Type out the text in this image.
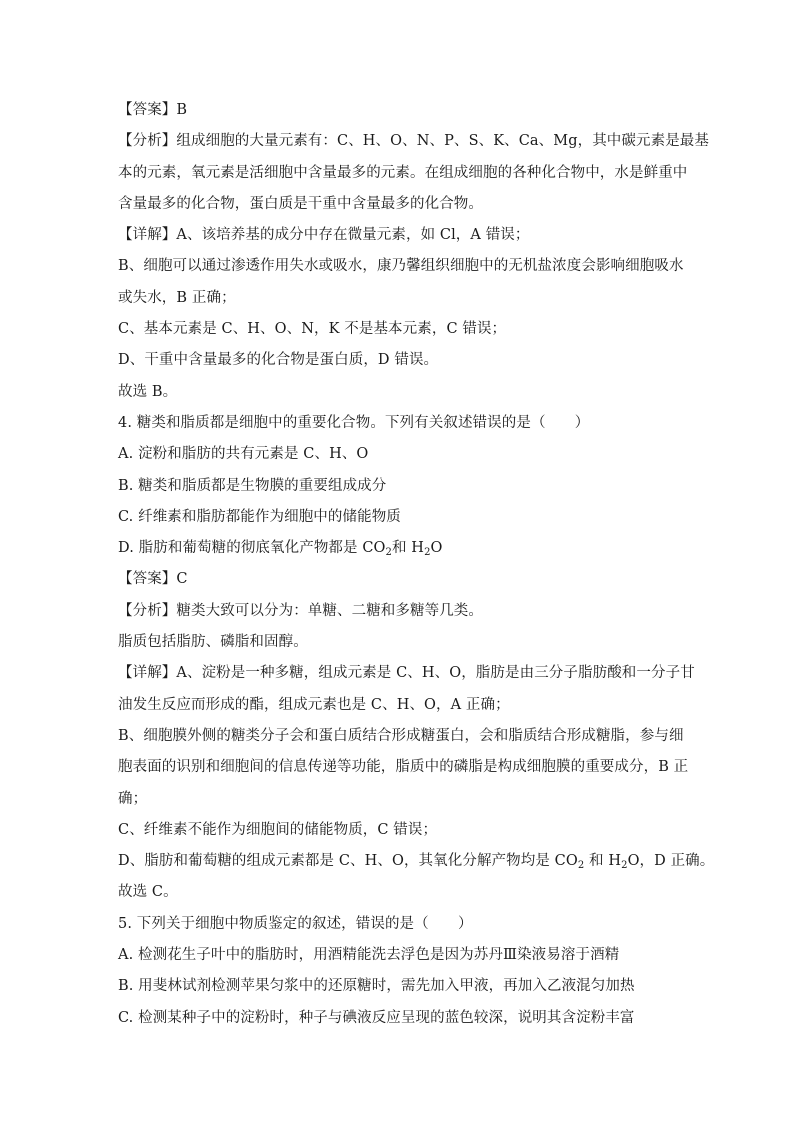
【答案】B
【分析】组成细胞的大量元素有：C、H、O、N、P、S、K、Ca、Mg，其中碳元素是最基
本的元素，氧元素是活细胞中含量最多的元素。在组成细胞的各种化合物中，水是鲜重中
含量最多的化合物，蛋白质是干重中含量最多的化合物。
【详解】A、该培养基的成分中存在微量元素，如 Cl，A 错误；
B、细胞可以通过渗透作用失水或吸水，康乃馨组织细胞中的无机盐浓度会影响细胞吸水
或失水，B 正确；
C、基本元素是 C、H、O、N，K 不是基本元素，C 错误；
D、干重中含量最多的化合物是蛋白质，D 错误。
故选 B。
4. 糖类和脂质都是细胞中的重要化合物。下列有关叙述错误的是（　　）
A. 淀粉和脂肪的共有元素是 C、H、O
B. 糖类和脂质都是生物膜的重要组成成分
C. 纤维素和脂肪都能作为细胞中的储能物质
D. 脂肪和葡萄糖的彻底氧化产物都是 $CO_2$和 $H_2O$
【答案】C
【分析】糖类大致可以分为：单糖、二糖和多糖等几类。
脂质包括脂肪、磷脂和固醇。
【详解】A、淀粉是一种多糖，组成元素是 C、H、O，脂肪是由三分子脂肪酸和一分子甘
油发生反应而形成的酯，组成元素也是 C、H、O，A 正确；
B、细胞膜外侧的糖类分子会和蛋白质结合形成糖蛋白，会和脂质结合形成糖脂，参与细
胞表面的识别和细胞间的信息传递等功能，脂质中的磷脂是构成细胞膜的重要成分，B 正
确；
C、纤维素不能作为细胞间的储能物质，C 错误；
D、脂肪和葡萄糖的组成元素都是 C、H、O，其氧化分解产物均是 $CO_2$ 和 $H_2O$，D 正确。
故选 C。
5. 下列关于细胞中物质鉴定的叙述，错误的是（　　）
A. 检测花生子叶中的脂肪时，用酒精能洗去浮色是因为苏丹Ⅲ染液易溶于酒精
B. 用斐林试剂检测苹果匀浆中的还原糖时，需先加入甲液，再加入乙液混匀加热
C. 检测某种子中的淀粉时，种子与碘液反应呈现的蓝色较深，说明其含淀粉丰富
